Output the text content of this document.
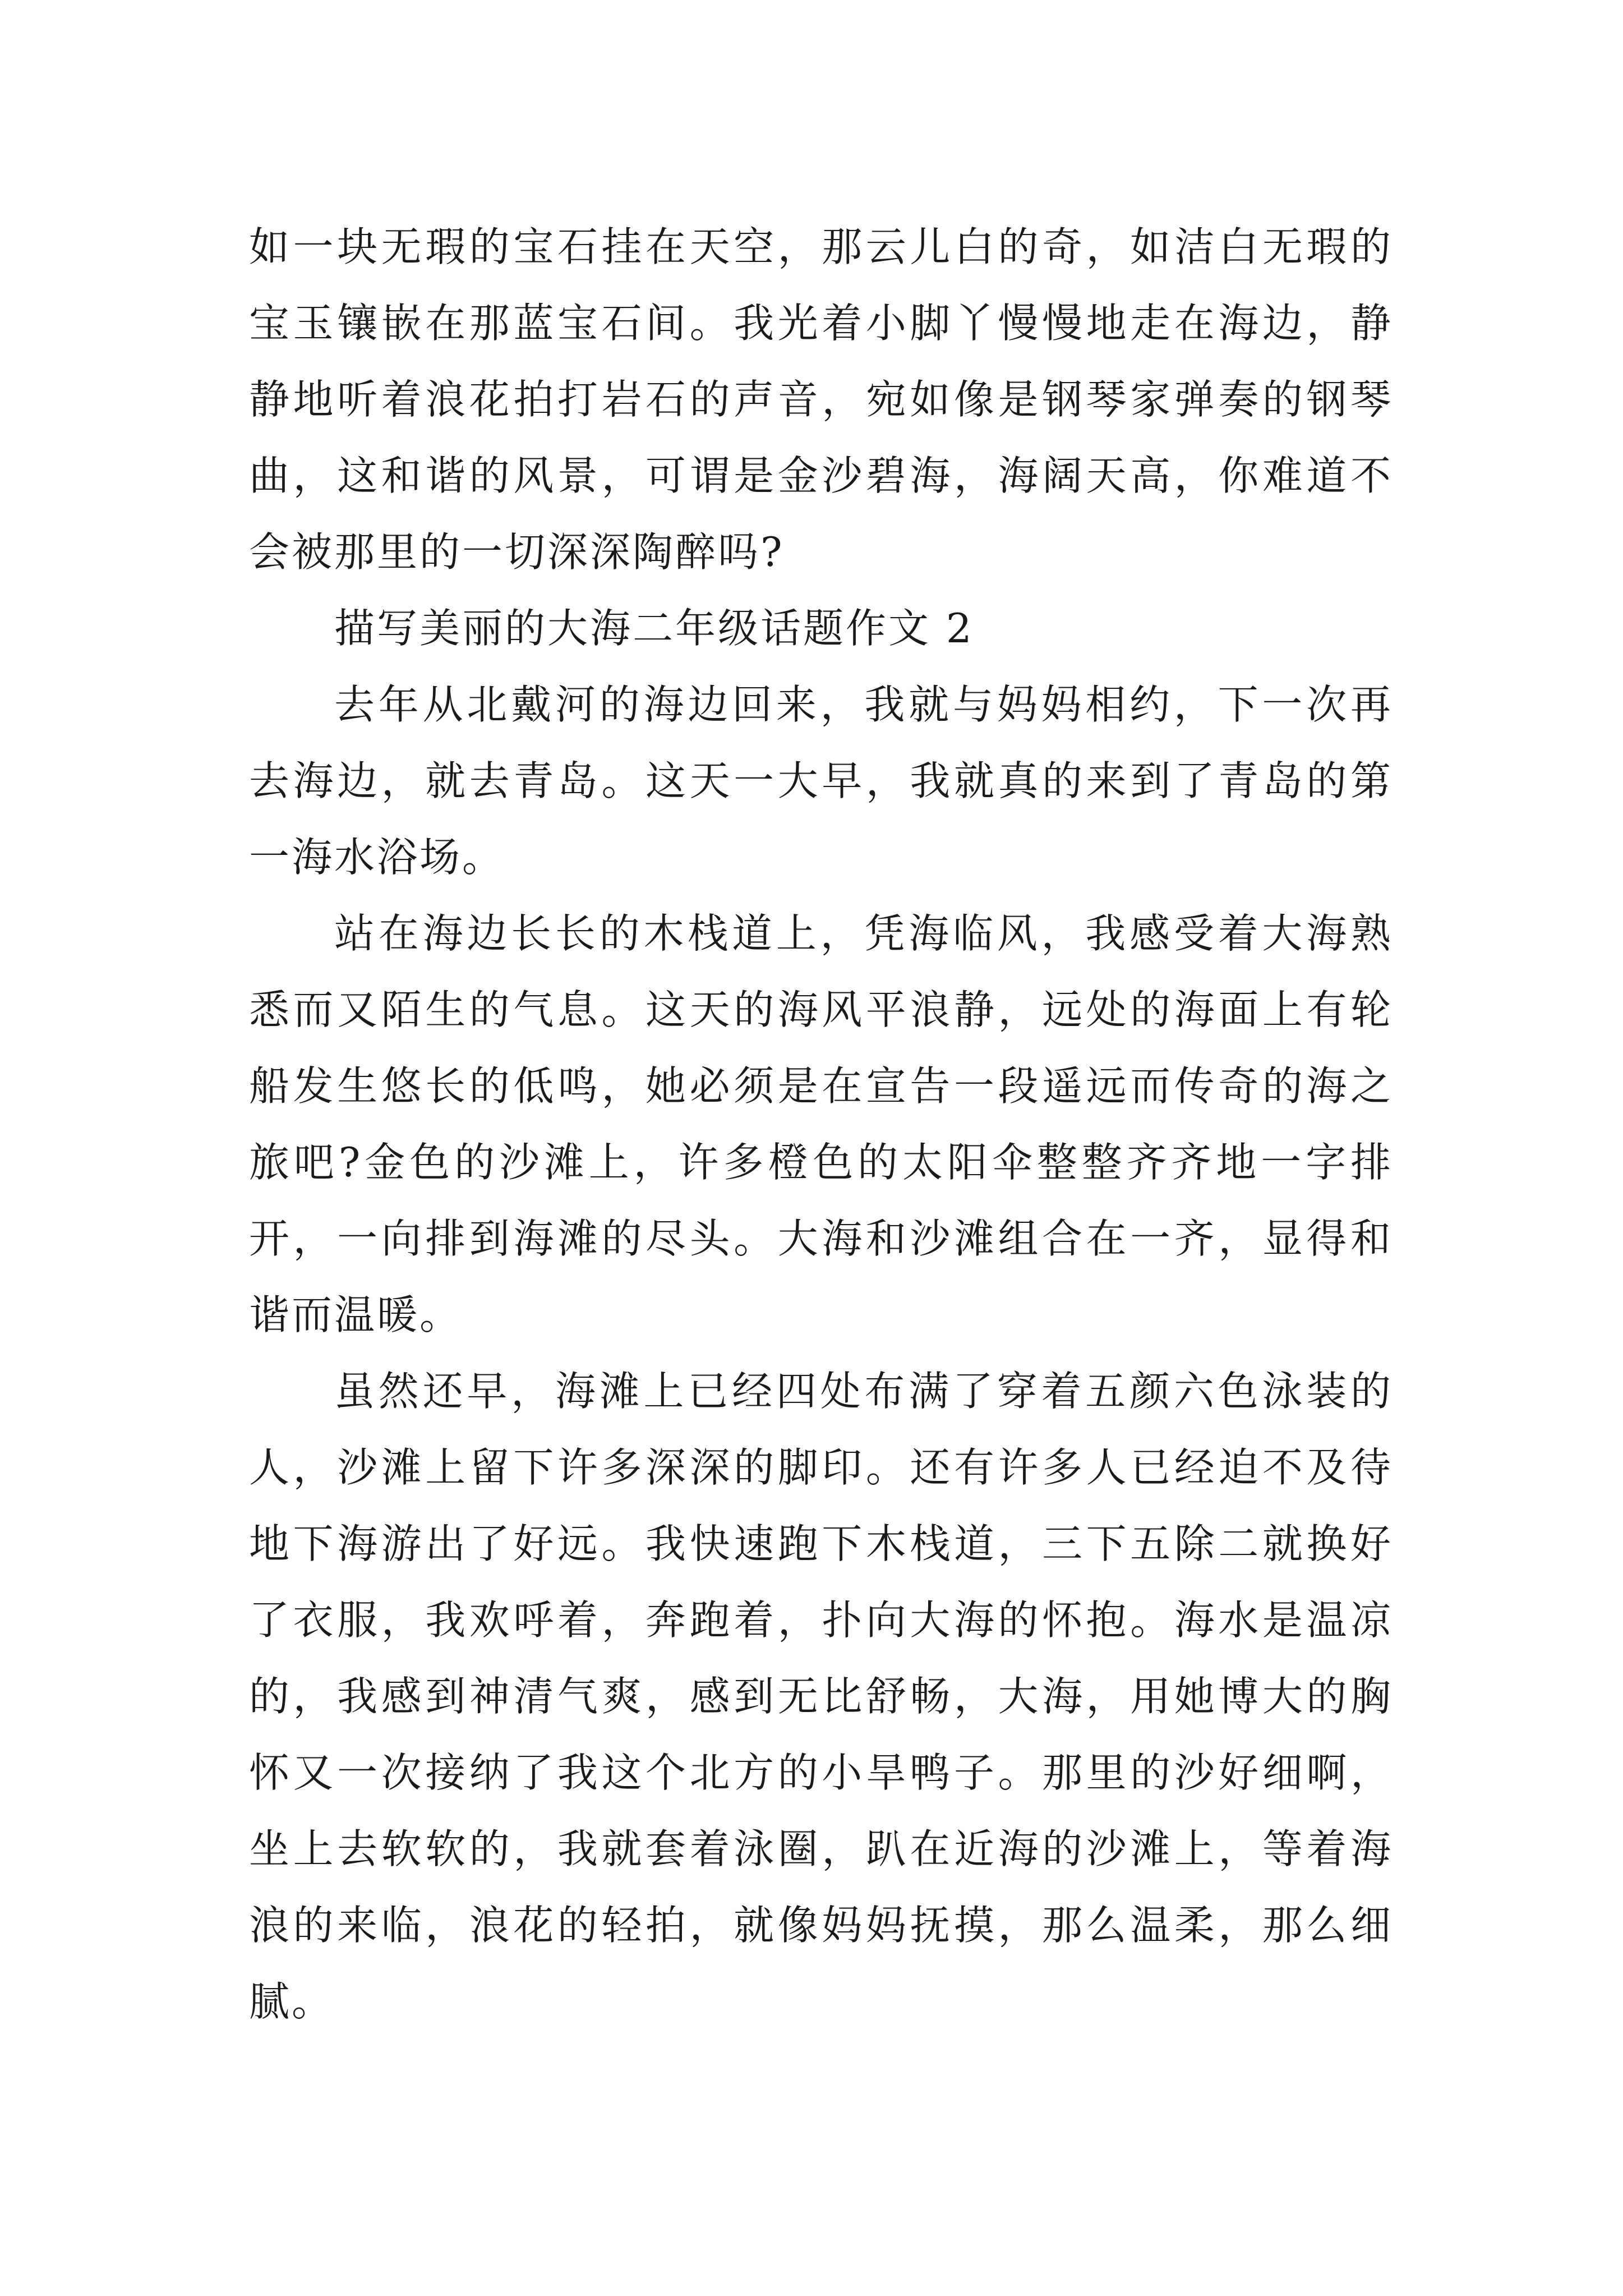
如一块无瑕的宝石挂在天空，那云儿白的奇，如洁白无瑕的
宝玉镶嵌在那蓝宝石间。我光着小脚丫慢慢地走在海边，静
静地听着浪花拍打岩石的声音，宛如像是钢琴家弹奏的钢琴
曲，这和谐的风景，可谓是金沙碧海，海阔天高，你难道不
会被那里的一切深深陶醉吗?
描写美丽的大海二年级话题作文 2
去年从北戴河的海边回来，我就与妈妈相约，下一次再
去海边，就去青岛。这天一大早，我就真的来到了青岛的第
一海水浴场。
站在海边长长的木栈道上，凭海临风，我感受着大海熟
悉而又陌生的气息。这天的海风平浪静，远处的海面上有轮
船发生悠长的低鸣，她必须是在宣告一段遥远而传奇的海之
旅吧?金色的沙滩上，许多橙色的太阳伞整整齐齐地一字排
开，一向排到海滩的尽头。大海和沙滩组合在一齐，显得和
谐而温暖。
虽然还早，海滩上已经四处布满了穿着五颜六色泳装的
人，沙滩上留下许多深深的脚印。还有许多人已经迫不及待
地下海游出了好远。我快速跑下木栈道，三下五除二就换好
了衣服，我欢呼着，奔跑着，扑向大海的怀抱。海水是温凉
的，我感到神清气爽，感到无比舒畅，大海，用她博大的胸
怀又一次接纳了我这个北方的小旱鸭子。那里的沙好细啊，
坐上去软软的，我就套着泳圈，趴在近海的沙滩上，等着海
浪的来临，浪花的轻拍，就像妈妈抚摸，那么温柔，那么细
腻。
